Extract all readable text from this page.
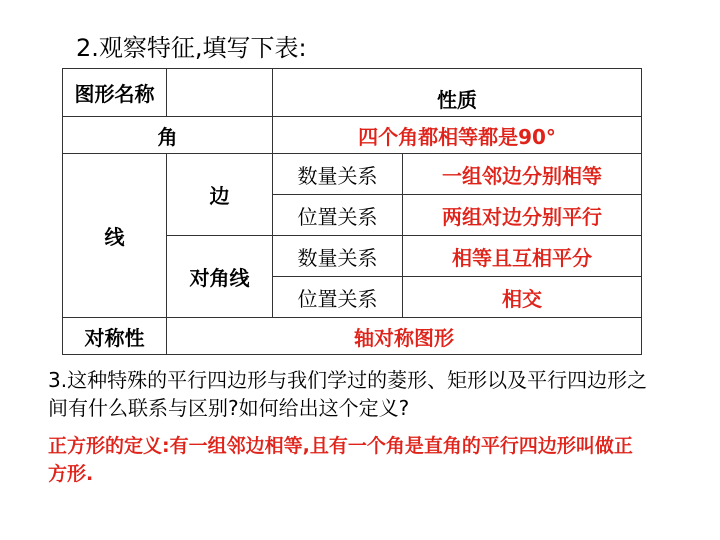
2.观察特征,填写下表:
图形名称		性质	
角		四个角都相等都是90°	
线	边	数量关系	一组邻边分别相等
		位置关系	两组对边分别平行
	对角线	数量关系	相等且互相平分
		位置关系	相交
对称性	轴对称图形		
3.这种特殊的平行四边形与我们学过的菱形、矩形以及平行四边形之间有什么联系与区别?如何给出这个定义?
正方形的定义:有一组邻边相等,且有一个角是直角的平行四边形叫做正方形.
